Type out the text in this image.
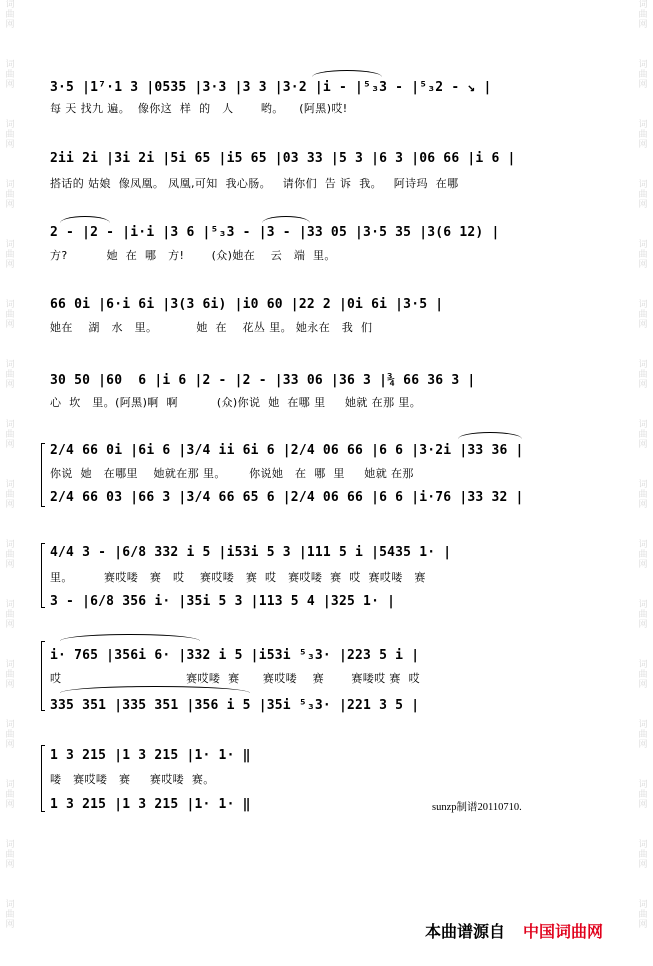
词
曲
网
词
曲
网
词
曲
网
词
曲
网
词
曲
网
词
曲
网
词
曲
网
词
曲
网
词
曲
网
词
曲
网
词
曲
网
词
曲
网
词
曲
网
词
曲
网
词
曲
网
词
曲
网
词
曲
网
词
曲
网
词
曲
网
词
曲
网
词
曲
网
词
曲
网
词
曲
网
词
曲
网
词
曲
网
词
曲
网
词
曲
网
词
曲
网
词
曲
网
词
曲
网
词
曲
网
词
曲
网
3·5 |1⁷·1 3 |0535 |3·3 |3 3 |3·2 |i - |⁵₃3 - |⁵₃2 - ↘ |
每 天 找九 遍。  像你这  样  的   人       哟。    (阿黑)哎!
2ii 2i |3i 2i |5i 65 |i5 65 |03 33 |5 3 |6 3 |06 66 |i 6 |
搭话的 姑娘  像凤凰。 凤凰,可知  我心肠。   请你们  告 诉  我。   阿诗玛  在哪
2 - |2 - |i·i |3 6 |⁵₃3 - |3 - |33 05 |3·5 35 |3(6 12) |
方?          她  在  哪   方!       (众)她在    云   端  里。
66 0i |6·i 6i |3(3 6i) |i0 60 |22 2 |0i 6i |3·5 |
她在    湖   水   里。          她  在    花丛 里。 她永在   我  们
30 50 |60  6 |i 6 |2 - |2 - |33 06 |36 3 |¾ 66 36 3 |
心  坎   里。(阿黑)啊  啊          (众)你说  她  在哪 里     她就 在那 里。
2/4 66 0i |6i 6 |3/4 ii 6i 6 |2/4 06 66 |6 6 |3·2i |33 36 |
你说  她   在哪里    她就在那 里。      你说她   在  哪  里     她就 在那
2/4 66 03 |66 3 |3/4 66 65 6 |2/4 06 66 |6 6 |i·76 |33 32 |
4/4 3 - |6/8 332 i 5 |i53i 5 3 |111 5 i |5435 1· |
里。        赛哎喽   赛   哎    赛哎喽   赛  哎   赛哎喽  赛  哎  赛哎喽   赛
3 - |6/8 356 i· |35i 5 3 |113 5 4 |325 1· |
i· 765 |356i 6· |332 i 5 |i53i ⁵₃3· |223 5 i |
哎                                赛哎喽  赛      赛哎喽    赛       赛喽哎 赛  哎
335 351 |335 351 |356 i 5 |35i ⁵₃3· |221 3 5 |
1 3 215 |1 3 215 |1· 1· ‖
喽   赛哎喽   赛     赛哎喽  赛。
1 3 215 |1 3 215 |1· 1· ‖	sunzp制谱20110710.
本曲谱源自 中国词曲网
